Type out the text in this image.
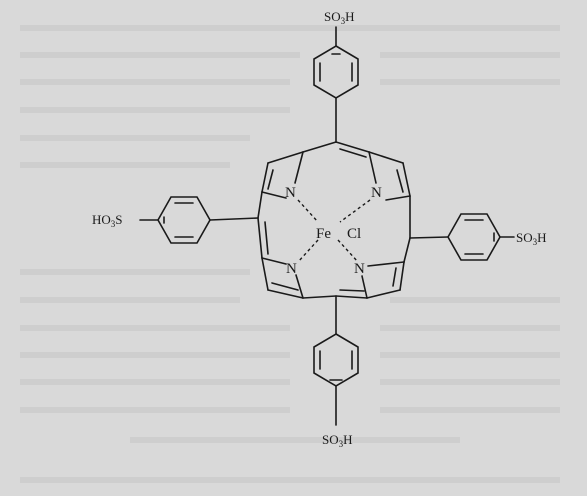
$SO_3H$
$SO_3H$
$HO_3S$
$SO_3H$
N	N
N	N
Fe Cl
